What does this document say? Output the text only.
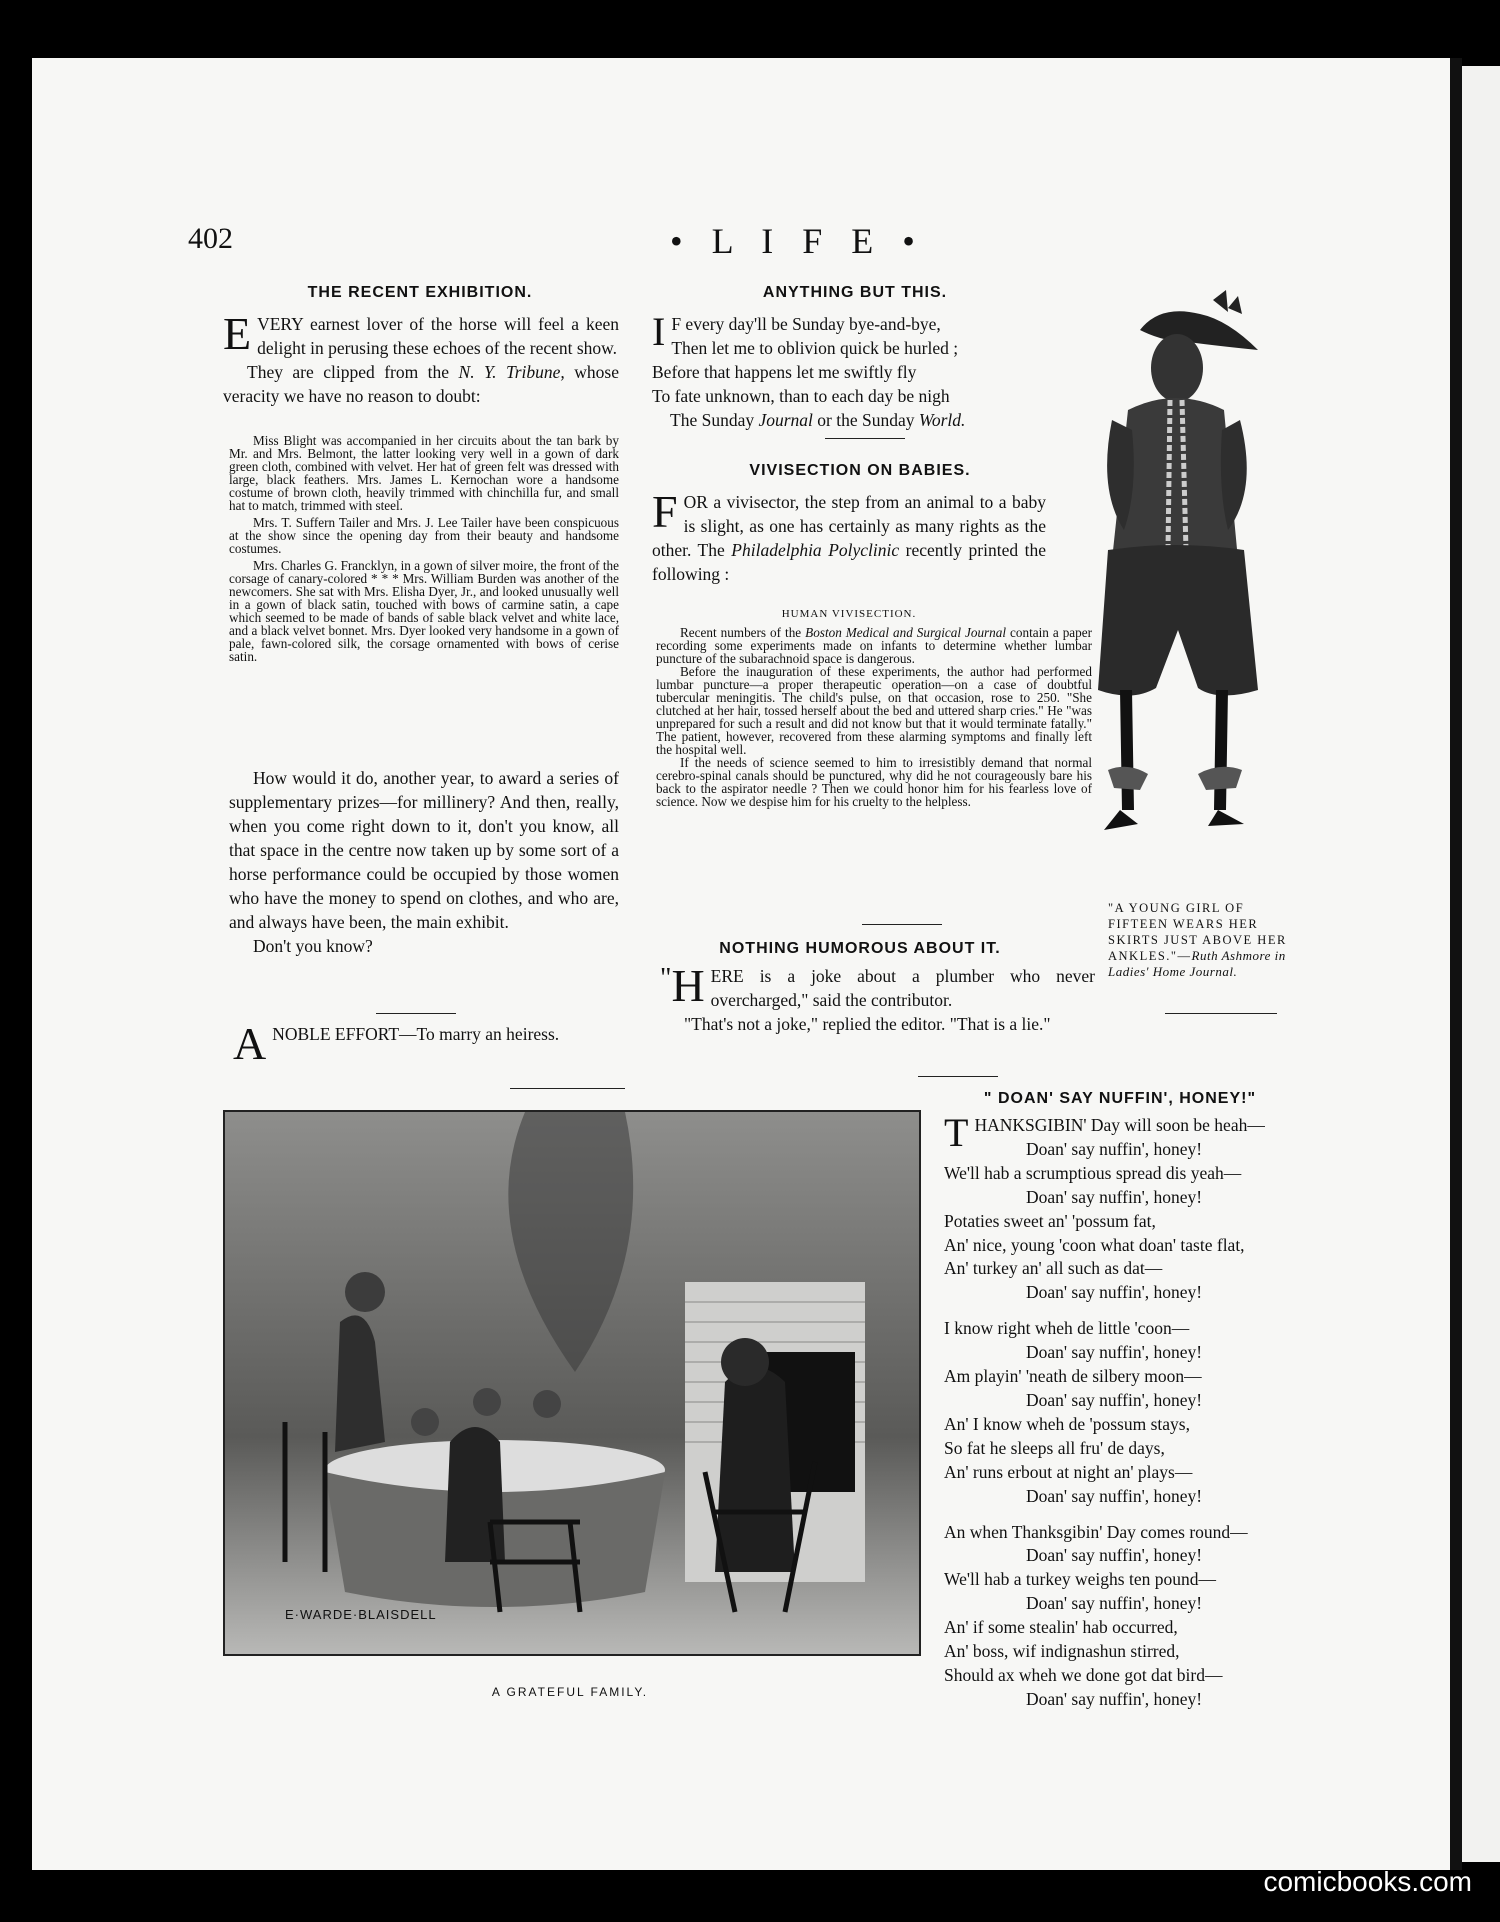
402	• L I F E •
THE RECENT EXHIBITION.

EVERY earnest lover of the horse will feel a keen delight in perusing these echoes of the recent show.

They are clipped from the N. Y. Tribune, whose veracity we have no reason to doubt:

Miss Blight was accompanied in her circuits about the tan bark by Mr. and Mrs. Belmont, the latter looking very well in a gown of dark green cloth, combined with velvet. Her hat of green felt was dressed with large, black feathers. Mrs. James L. Kernochan wore a handsome costume of brown cloth, heavily trimmed with chinchilla fur, and small hat to match, trimmed with steel.

Mrs. T. Suffern Tailer and Mrs. J. Lee Tailer have been conspicuous at the show since the opening day from their beauty and handsome costumes.

Mrs. Charles G. Francklyn, in a gown of silver moire, the front of the corsage of canary-colored * * * Mrs. William Burden was another of the newcomers. She sat with Mrs. Elisha Dyer, Jr., and looked unusually well in a gown of black satin, touched with bows of carmine satin, a cape which seemed to be made of bands of sable black velvet and white lace, and a black velvet bonnet. Mrs. Dyer looked very handsome in a gown of pale, fawn-colored silk, the corsage ornamented with bows of cerise satin.

How would it do, another year, to award a series of supplementary prizes—for millinery? And then, really, when you come right down to it, don't you know, all that space in the centre now taken up by some sort of a horse performance could be occupied by those women who have the money to spend on clothes, and who are, and always have been, the main exhibit.

Don't you know?

ANOBLE EFFORT—To marry an heiress.
ANYTHING BUT THIS.
I F every day'll be Sunday bye-and-bye,
Then let me to oblivion quick be hurled ;
Before that happens let me swiftly fly
To fate unknown, than to each day be nigh
The Sunday Journal or the Sunday World.
VIVISECTION ON BABIES.

FOR a vivisector, the step from an animal to a baby is slight, as one has certainly as many rights as the other. The Philadelphia Polyclinic recently printed the following :

HUMAN VIVISECTION.

Recent numbers of the Boston Medical and Surgical Journal contain a paper recording some experiments made on infants to determine whether lumbar puncture of the subarachnoid space is dangerous.

Before the inauguration of these experiments, the author had performed lumbar puncture—a proper therapeutic operation—on a case of doubtful tubercular meningitis. The child's pulse, on that occasion, rose to 250. "She clutched at her hair, tossed herself about the bed and uttered sharp cries." He "was unprepared for such a result and did not know but that it would terminate fatally." The patient, however, recovered from these alarming symptoms and finally left the hospital well.

If the needs of science seemed to him to irresistibly demand that normal cerebro-spinal canals should be punctured, why did he not courageously bare his back to the aspirator needle ? Then we could honor him for his fearless love of science. Now we despise him for his cruelty to the helpless.

"A YOUNG GIRL OF FIFTEEN WEARS HER SKIRTS JUST ABOVE HER ANKLES."—Ruth Ashmore in Ladies' Home Journal.
NOTHING HUMOROUS ABOUT IT.

" H ERE is a joke about a plumber who never overcharged," said the contributor.

"That's not a joke," replied the editor. "That is a lie."

E·WARDE·BLAISDELL
A GRATEFUL FAMILY.
" DOAN' SAY NUFFIN', HONEY!"
THANKSGIBIN' Day will soon be heah—
Doan' say nuffin', honey!
We'll hab a scrumptious spread dis yeah—
Doan' say nuffin', honey!
Potaties sweet an' 'possum fat,
An' nice, young 'coon what doan' taste flat,
An' turkey an' all such as dat—
Doan' say nuffin', honey!
I know right wheh de little 'coon—
Doan' say nuffin', honey!
Am playin' 'neath de silbery moon—
Doan' say nuffin', honey!
An' I know wheh de 'possum stays,
So fat he sleeps all fru' de days,
An' runs erbout at night an' plays—
Doan' say nuffin', honey!
An when Thanksgibin' Day comes round—
Doan' say nuffin', honey!
We'll hab a turkey weighs ten pound—
Doan' say nuffin', honey!
An' if some stealin' hab occurred,
An' boss, wif indignashun stirred,
Should ax wheh we done got dat bird—
Doan' say nuffin', honey!
comicbooks.com
